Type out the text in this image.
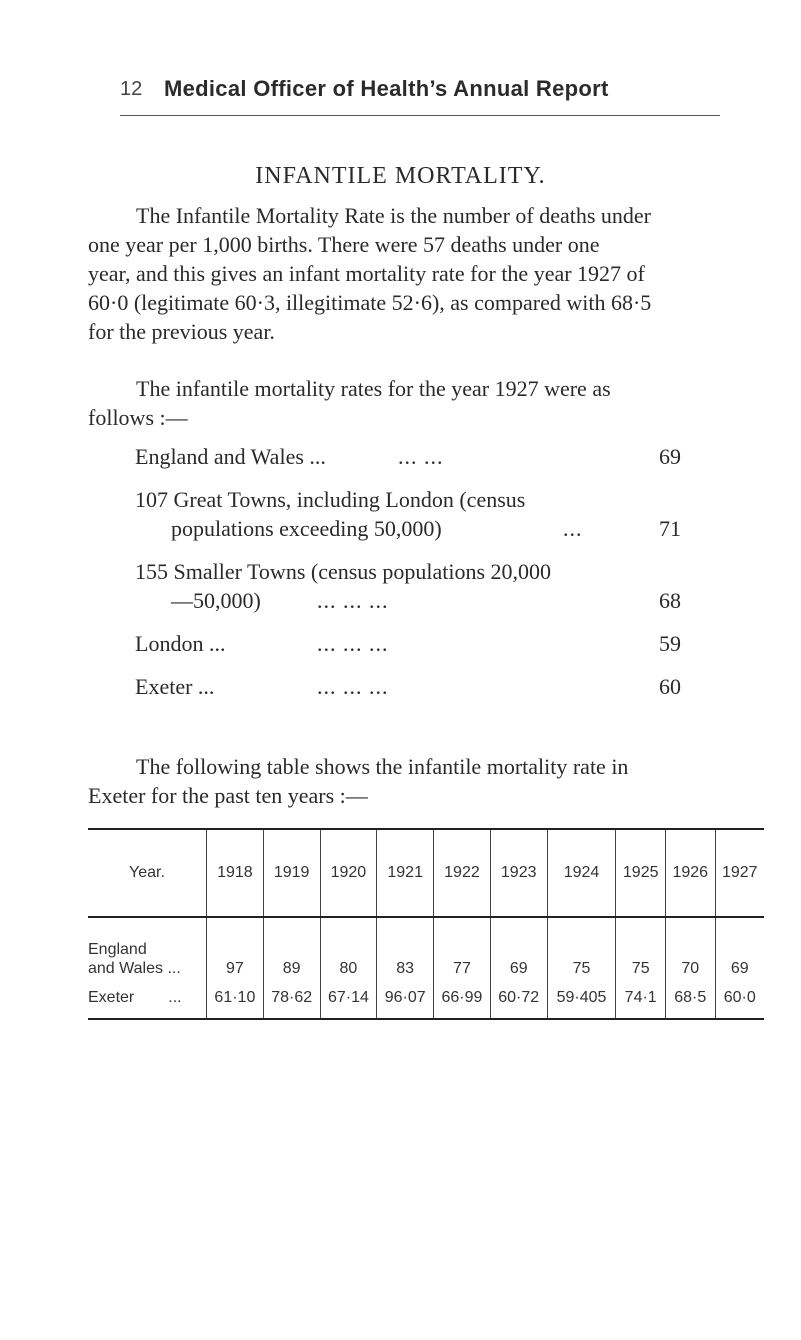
12 Medical Officer of Health’s Annual Report
INFANTILE MORTALITY.
The Infantile Mortality Rate is the number of deaths under
one year per 1,000 births. There were 57 deaths under one
year, and this gives an infant mortality rate for the year 1927 of
60·0 (legitimate 60·3, illegitimate 52·6), as compared with 68·5
for the previous year.
The infantile mortality rates for the year 1927 were as
follows :—
England and Wales ...	... ...	69
107 Great Towns, including London (census
populations exceeding 50,000)	...	71
155 Smaller Towns (census populations 20,000
—50,000)	... ... ...	68
London ...	... ... ...	59
Exeter ...	... ... ...	60
The following table shows the infantile mortality rate in
Exeter for the past ten years :—
Year.	1918	1919	1920	1921	1922	1923	1924	1925	1926	1927

England
and Wales ...	97	89	80	83	77	69	75	75	70	69
Exeter ...	61·10	78·62	67·14	96·07	66·99	60·72	59·405	74·1	68·5	60·0
